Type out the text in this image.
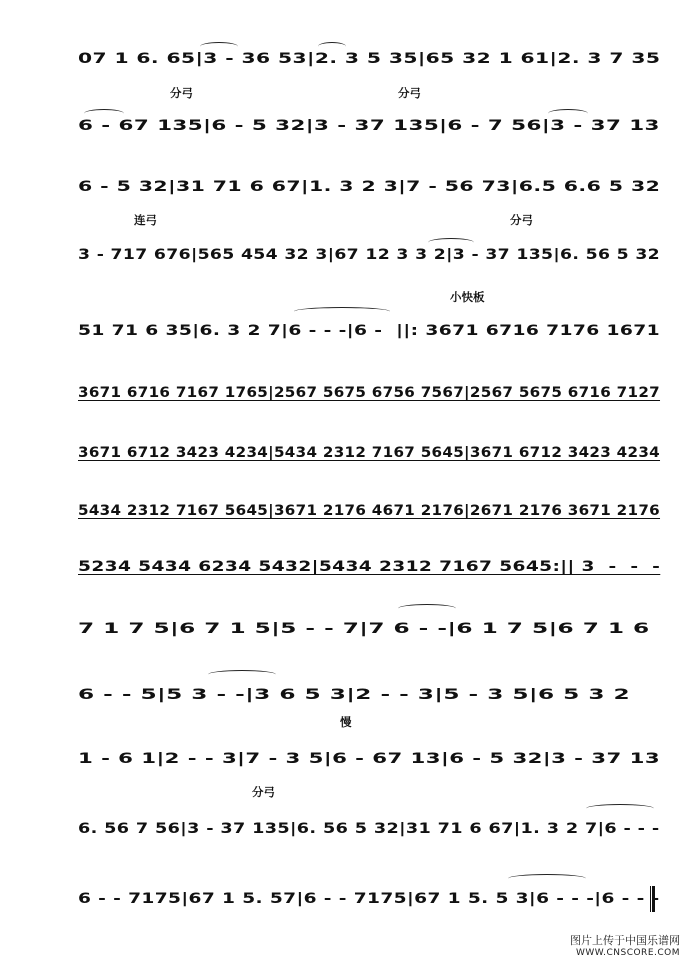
07 1 6. 65|3 - 36 53|2. 3 5 35|65 32 1 61|2. 3 7 35
分弓	分弓
6 - 67 135|6 - 5 32|3 - 37 135|6 - 7 56|3 - 37 13
6 - 5 32|31 71 6 67|1. 3 2 3|7 - 56 73|6.5 6.6 5 32
连弓	分弓
3 - 717 676|565 454 32 3|67 12 3 3 2|3 - 37 135|6. 56 5 32
小快板
51 71 6 35|6. 3 2 7|6 - - -|6 -  ||: 3671 6716 7176 1671
3671 6716 7167 1765|2567 5675 6756 7567|2567 5675 6716 7127
3671 6712 3423 4234|5434 2312 7167 5645|3671 6712 3423 4234
5434 2312 7167 5645|3671 2176 4671 2176|2671 2176 3671 2176
5234 5434 6234 5432|5434 2312 7167 5645:|| 3  -  -  -
7 1 7 5|6 7 1 5|5 - - 7|7 6 - -|6 1 7 5|6 7 1 6
6 - - 5|5 3 - -|3 6 5 3|2 - - 3|5 - 3 5|6 5 3 2
慢
1 - 6 1|2 - - 3|7 - 3 5|6 - 67 13|6 - 5 32|3 - 37 13
分弓
6. 56 7 56|3 - 37 135|6. 56 5 32|31 71 6 67|1. 3 2 7|6 - - -
6 - - 7175|67 1 5. 57|6 - - 7175|67 1 5. 5 3|6 - - -|6 - - -
图片上传于中国乐谱网
WWW.CNSCORE.COM
